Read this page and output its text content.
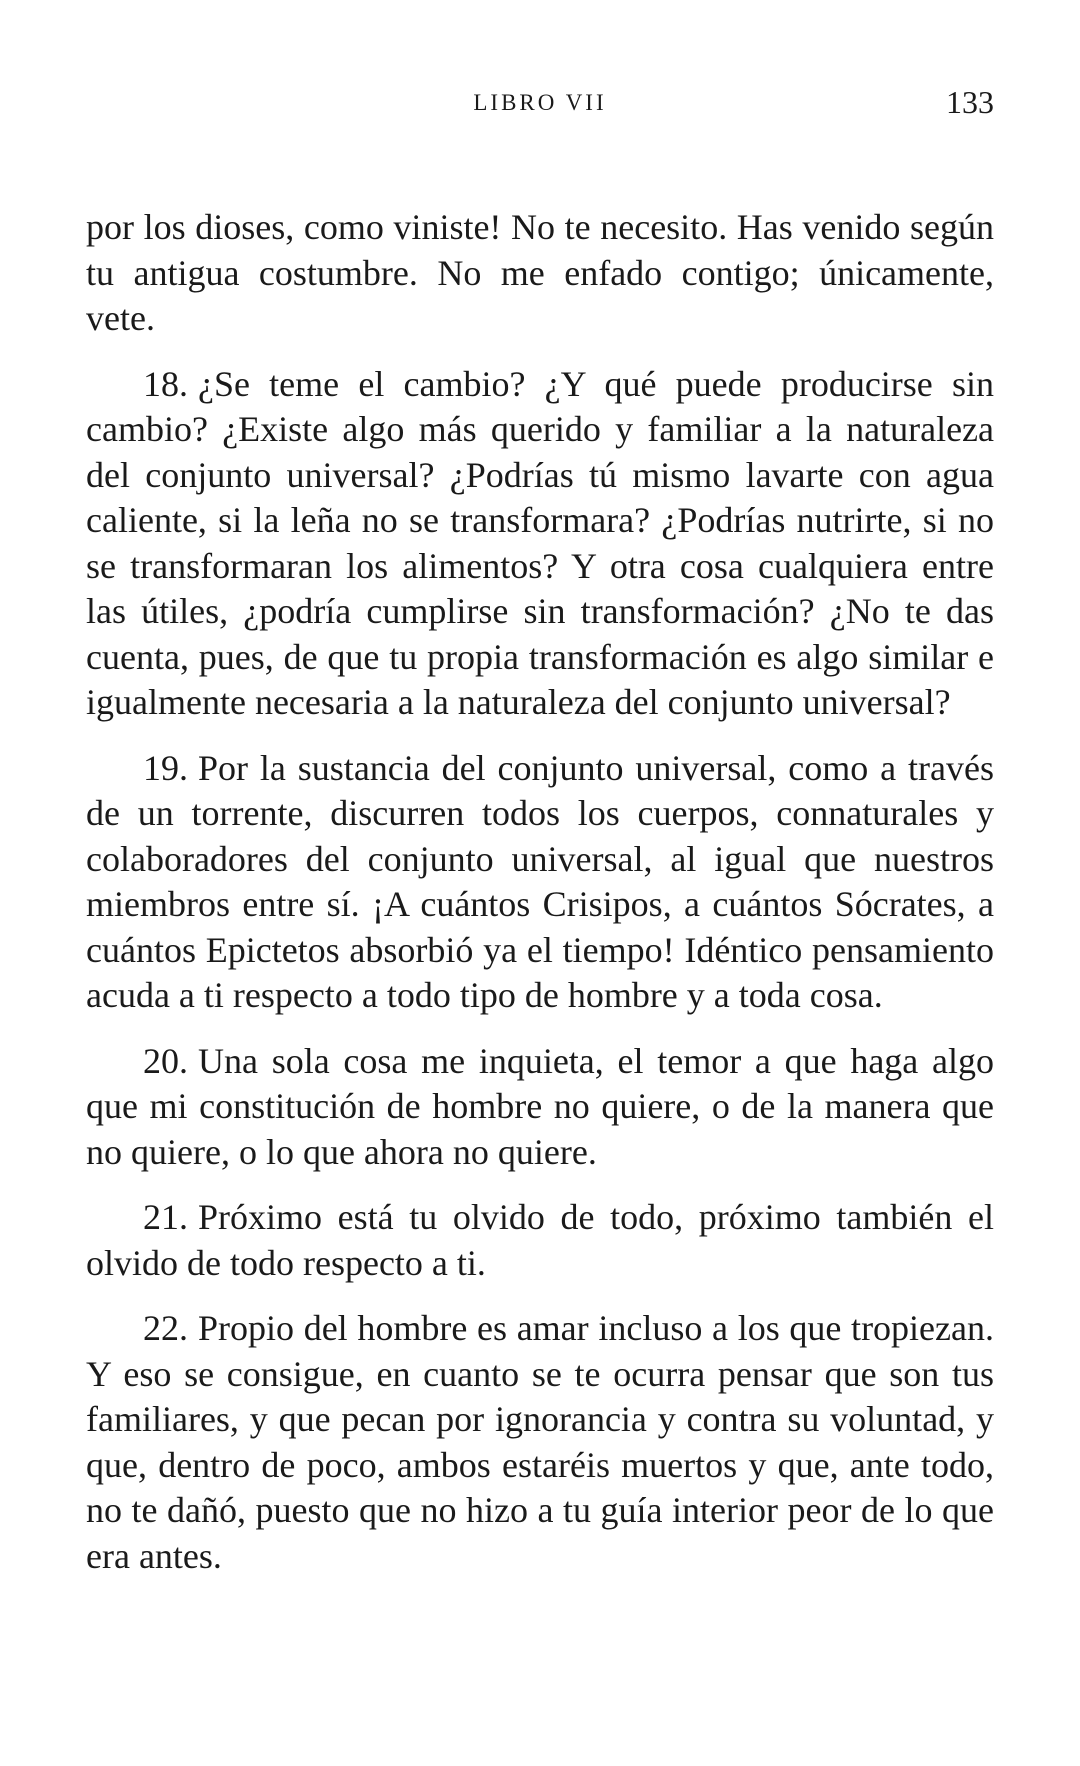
LIBRO VII	133

por los dioses, como viniste! No te necesito. Has venido según tu antigua costumbre. No me enfado contigo; únicamente, vete.

18. ¿Se teme el cambio? ¿Y qué puede producirse sin cambio? ¿Existe algo más querido y familiar a la naturaleza del conjunto universal? ¿Podrías tú mismo lavarte con agua caliente, si la leña no se transformara? ¿Podrías nutrirte, si no se transformaran los alimentos? Y otra cosa cualquiera entre las útiles, ¿podría cumplirse sin transformación? ¿No te das cuenta, pues, de que tu propia transformación es algo similar e igualmente necesaria a la naturaleza del conjunto universal?

19. Por la sustancia del conjunto universal, como a través de un torrente, discurren todos los cuerpos, connaturales y colaboradores del conjunto universal, al igual que nuestros miembros entre sí. ¡A cuántos Crisipos, a cuántos Sócrates, a cuántos Epictetos absorbió ya el tiempo! Idéntico pensamiento acuda a ti respecto a todo tipo de hombre y a toda cosa.

20. Una sola cosa me inquieta, el temor a que haga algo que mi constitución de hombre no quiere, o de la manera que no quiere, o lo que ahora no quiere.

21. Próximo está tu olvido de todo, próximo también el olvido de todo respecto a ti.

22. Propio del hombre es amar incluso a los que tropiezan. Y eso se consigue, en cuanto se te ocurra pensar que son tus familiares, y que pecan por ignorancia y contra su voluntad, y que, dentro de poco, ambos estaréis muertos y que, ante todo, no te dañó, puesto que no hizo a tu guía interior peor de lo que era antes.
